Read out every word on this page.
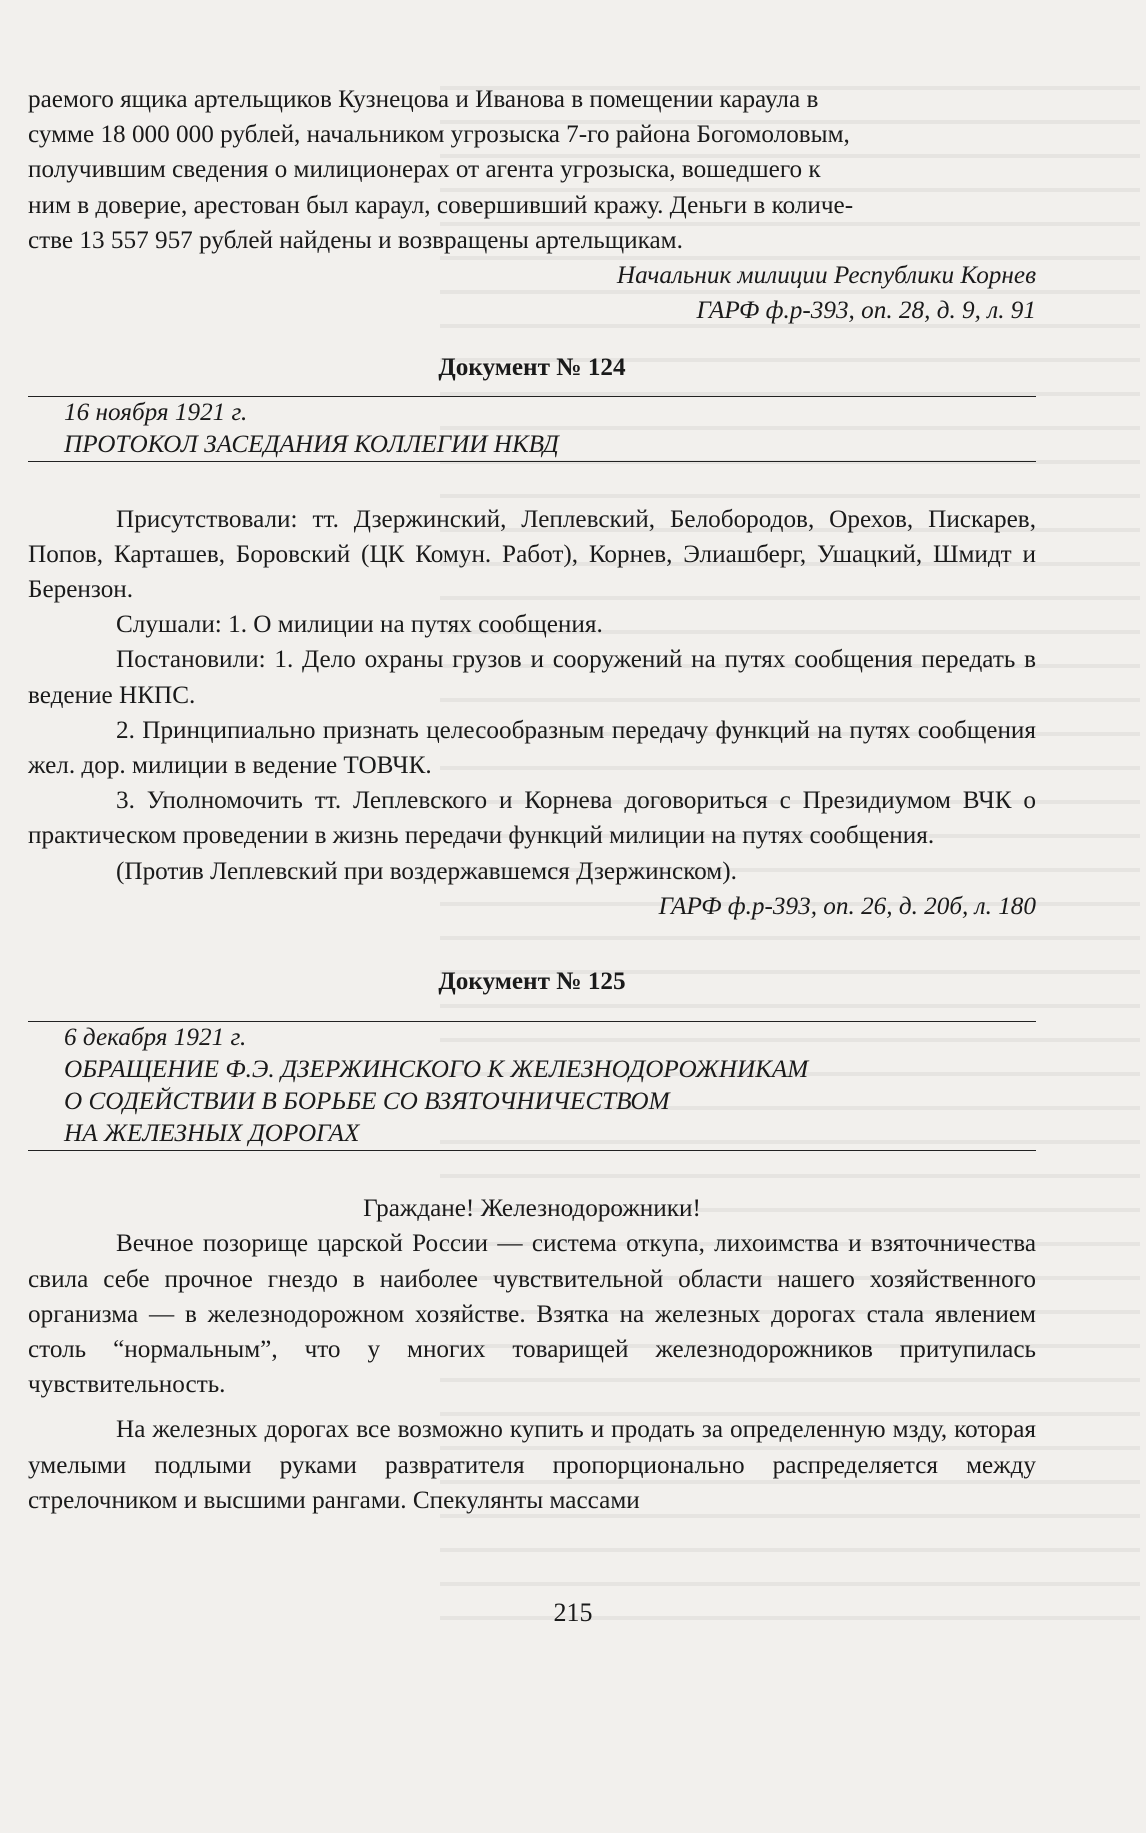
раемого ящика артельщиков Кузнецова и Иванова в помещении караула в

сумме 18 000 000 рублей, начальником угрозыска 7-го района Богомоловым,

получившим сведения о милиционерах от агента угрозыска, вошедшего к

ним в доверие, арестован был караул, совершивший кражу. Деньги в количе-

стве 13 557 957 рублей найдены и возвращены артельщикам.

Начальник милиции Республики Корнев

ГАРФ ф.р-393, оп. 28, д. 9, л. 91

Документ № 124

16 ноября 1921 г.
ПРОТОКОЛ ЗАСЕДАНИЯ КОЛЛЕГИИ НКВД

Присутствовали: тт. Дзержинский, Леплевский, Белобородов, Орехов, Пискарев, Попов, Карташев, Боровский (ЦК Комун. Работ), Корнев, Элиашберг, Ушацкий, Шмидт и Берензон.

Слушали: 1. О милиции на путях сообщения.

Постановили: 1. Дело охраны грузов и сооружений на путях сообщения передать в ведение НКПС.

2. Принципиально признать целесообразным передачу функций на путях сообщения жел. дор. милиции в ведение ТОВЧК.

3. Уполномочить тт. Леплевского и Корнева договориться с Президиумом ВЧК о практическом проведении в жизнь передачи функций милиции на путях сообщения.

(Против Леплевский при воздержавшемся Дзержинском).

ГАРФ ф.р-393, оп. 26, д. 20б, л. 180

Документ № 125

6 декабря 1921 г.
ОБРАЩЕНИЕ Ф.Э. ДЗЕРЖИНСКОГО К ЖЕЛЕЗНОДОРОЖНИКАМ
О СОДЕЙСТВИИ В БОРЬБЕ СО ВЗЯТОЧНИЧЕСТВОМ
НА ЖЕЛЕЗНЫХ ДОРОГАХ

Граждане! Железнодорожники!

Вечное позорище царской России — система откупа, лихоимства и взяточничества свила себе прочное гнездо в наиболее чувствительной области нашего хозяйственного организма — в железнодорожном хозяйстве. Взятка на железных дорогах стала явлением столь “нормальным”, что у многих товарищей железнодорожников притупилась чувствительность.

На железных дорогах все возможно купить и продать за определенную мзду, которая умелыми подлыми руками развратителя пропорционально распределяется между стрелочником и высшими рангами. Спекулянты массами

215
